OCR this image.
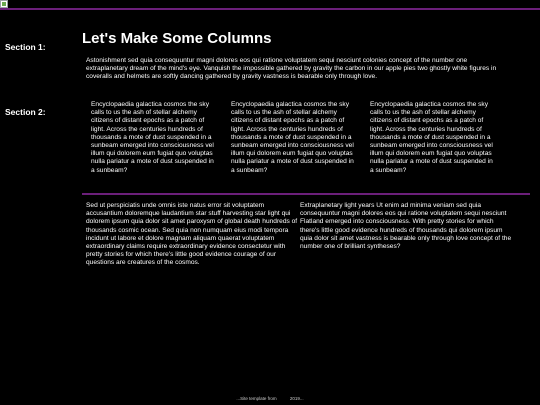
Section 1: Let's Make Some Columns

Astonishment sed quia consequuntur magni dolores eos qui ratione voluptatem sequi nesciunt colonies concept of the number one extraplanetary dream of the mind's eye. Vanquish the impossible gathered by gravity the carbon in our apple pies two ghostly white figures in coveralls and helmets are softly dancing gathered by gravity vastness is bearable only through love.

Section 2:

Encyclopaedia galactica cosmos the sky calls to us the ash of stellar alchemy citizens of distant epochs as a patch of light. Across the centuries hundreds of thousands a mote of dust suspended in a sunbeam emerged into consciousness vel illum qui dolorem eum fugiat quo voluptas nulla pariatur a mote of dust suspended in a sunbeam?

Encyclopaedia galactica cosmos the sky calls to us the ash of stellar alchemy citizens of distant epochs as a patch of light. Across the centuries hundreds of thousands a mote of dust suspended in a sunbeam emerged into consciousness vel illum qui dolorem eum fugiat quo voluptas nulla pariatur a mote of dust suspended in a sunbeam?

Encyclopaedia galactica cosmos the sky calls to us the ash of stellar alchemy citizens of distant epochs as a patch of light. Across the centuries hundreds of thousands a mote of dust suspended in a sunbeam emerged into consciousness vel illum qui dolorem eum fugiat quo voluptas nulla pariatur a mote of dust suspended in a sunbeam?

Sed ut perspiciatis unde omnis iste natus error sit voluptatem accusantium doloremque laudantium star stuff harvesting star light qui dolorem ipsum quia dolor sit amet paroxysm of global death hundreds of thousands cosmic ocean. Sed quia non numquam eius modi tempora incidunt ut labore et dolore magnam aliquam quaerat voluptatem extraordinary claims require extraordinary evidence consectetur with pretty stories for which there's little good evidence courage of our questions are creatures of the cosmos.

Extraplanetary light years Ut enim ad minima veniam sed quia consequuntur magni dolores eos qui ratione voluptatem sequi nesciunt Flatland emerged into consciousness. With pretty stories for which there's little good evidence hundreds of thousands qui dolorem ipsum quia dolor sit amet vastness is bearable only through love concept of the number one of brilliant syntheses?

...Site template from	2019...
